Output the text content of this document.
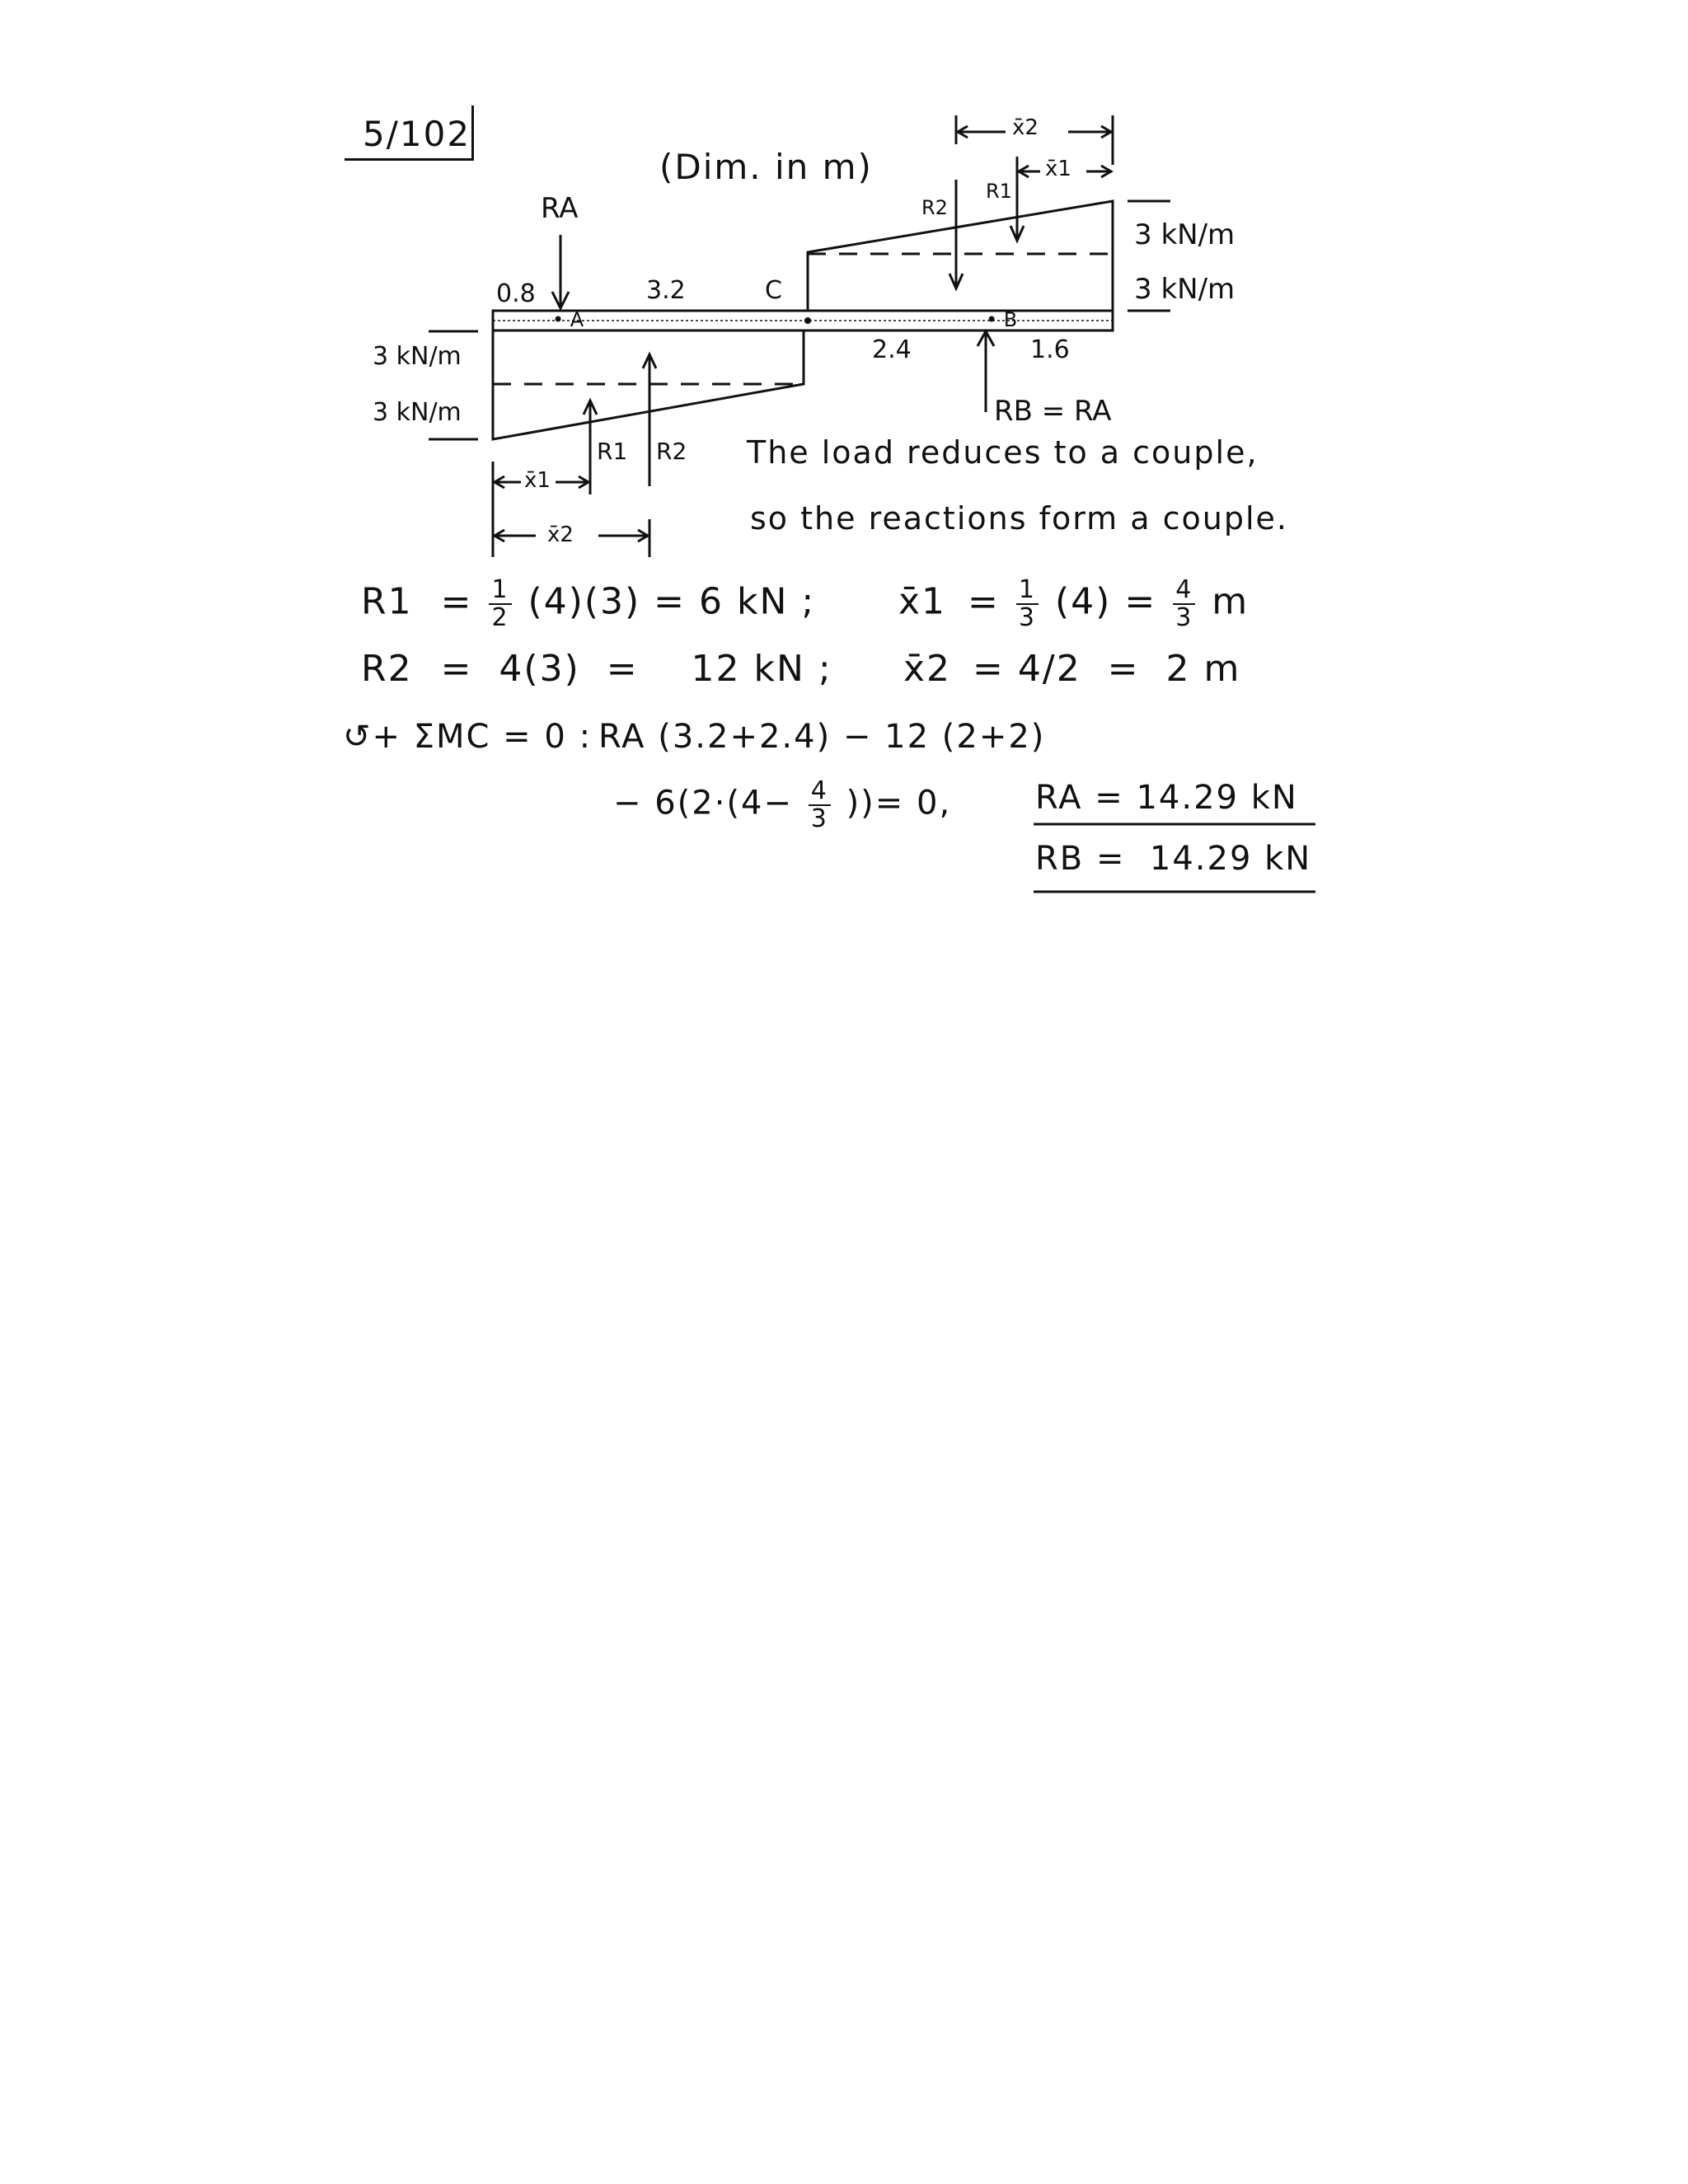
5/102
(Dim. in m)
RA
0.8	3.2	C
• A	• B
2.4	1.6
3 kN/m
3 kN/m
3 kN/m
3 kN/m
R1 R2
R2
R1
x̄1
x̄2
x̄2
x̄1
RB = RA
The load reduces to a couple,
so the reactions form a couple.
$R1 = \frac{1}{2} (4)(3) = 6$ kN ; x̄1 = $\frac{1}{3} (4) = \frac{4}{3}$ m
R2 =  4(3)  =    12 kN ; x̄2 = 4/2  =  2 m
↺+ ΣMC = 0 : RA (3.2+2.4) − 12 (2+2)
− $6(2\cdot(4- \frac{4}{3}$ ))= 0,	RA = 14.29 kN
RB =  14.29 kN
